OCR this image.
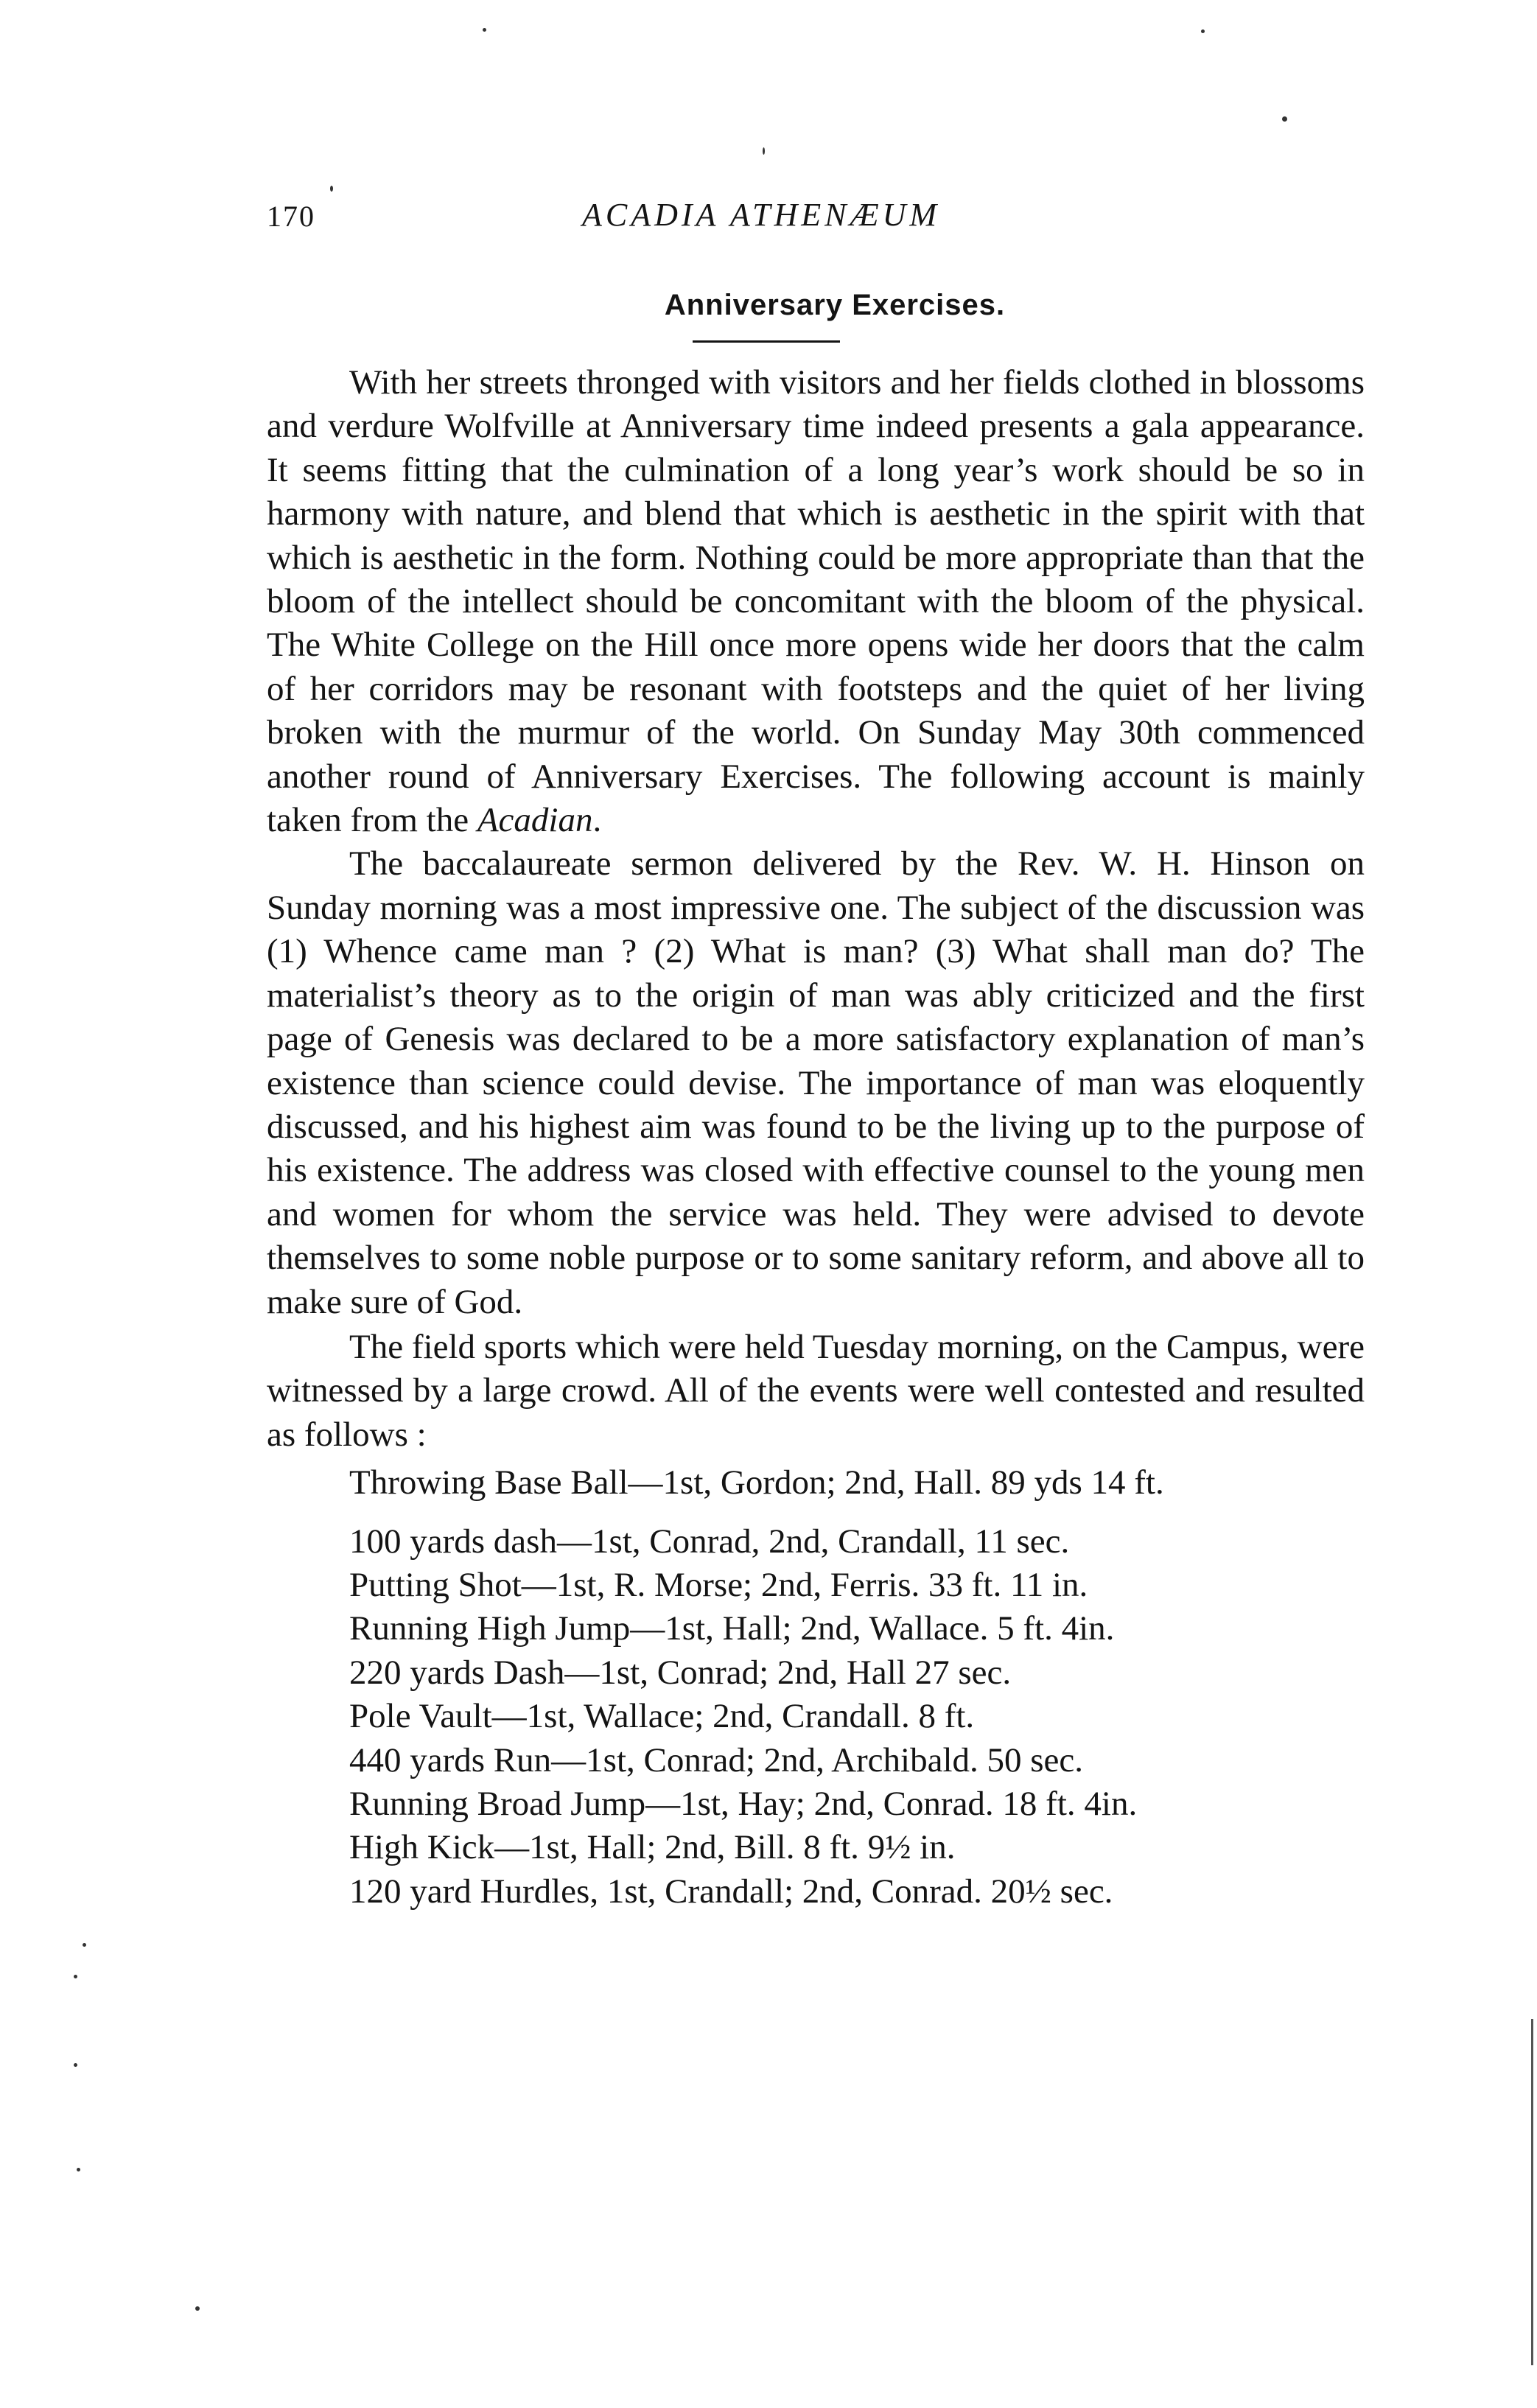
170	ACADIA ATHENÆUM
Anniversary Exercises.

With her streets thronged with visitors and her fields clothed in blossoms and verdure Wolfville at Anniversary time indeed presents a gala appearance. It seems fitting that the culmination of a long year’s work should be so in harmony with nature, and blend that which is aesthetic in the spirit with that which is aesthetic in the form. Nothing could be more appropriate than that the bloom of the intellect should be concomitant with the bloom of the physical. The White College on the Hill once more opens wide her doors that the calm of her corridors may be resonant with footsteps and the quiet of her living broken with the murmur of the world. On Sunday May 30th commenced another round of Anniversary Exercises. The following account is mainly taken from the Acadian.

The baccalaureate sermon delivered by the Rev. W. H. Hinson on Sunday morning was a most impressive one. The subject of the discussion was (1) Whence came man ? (2) What is man? (3) What shall man do? The materialist’s theory as to the origin of man was ably criticized and the first page of Genesis was declared to be a more satisfactory explanation of man’s existence than science could devise. The importance of man was eloquently discussed, and his highest aim was found to be the living up to the purpose of his existence. The address was closed with effective counsel to the young men and women for whom the service was held. They were advised to devote themselves to some noble purpose or to some sanitary reform, and above all to make sure of God.

The field sports which were held Tuesday morning, on the Campus, were witnessed by a large crowd. All of the events were well contested and resulted as follows :

Throwing Base Ball—1st, Gordon; 2nd, Hall. 89 yds 14 ft.

100 yards dash—1st, Conrad, 2nd, Crandall, 11 sec.

Putting Shot—1st, R. Morse; 2nd, Ferris. 33 ft. 11 in.

Running High Jump—1st, Hall; 2nd, Wallace. 5 ft. 4in.

220 yards Dash—1st, Conrad; 2nd, Hall 27 sec.

Pole Vault—1st, Wallace; 2nd, Crandall. 8 ft.

440 yards Run—1st, Conrad; 2nd, Archibald. 50 sec.

Running Broad Jump—1st, Hay; 2nd, Conrad. 18 ft. 4in.

High Kick—1st, Hall; 2nd, Bill. 8 ft. 9½ in.

120 yard Hurdles, 1st, Crandall; 2nd, Conrad. 20½ sec.
